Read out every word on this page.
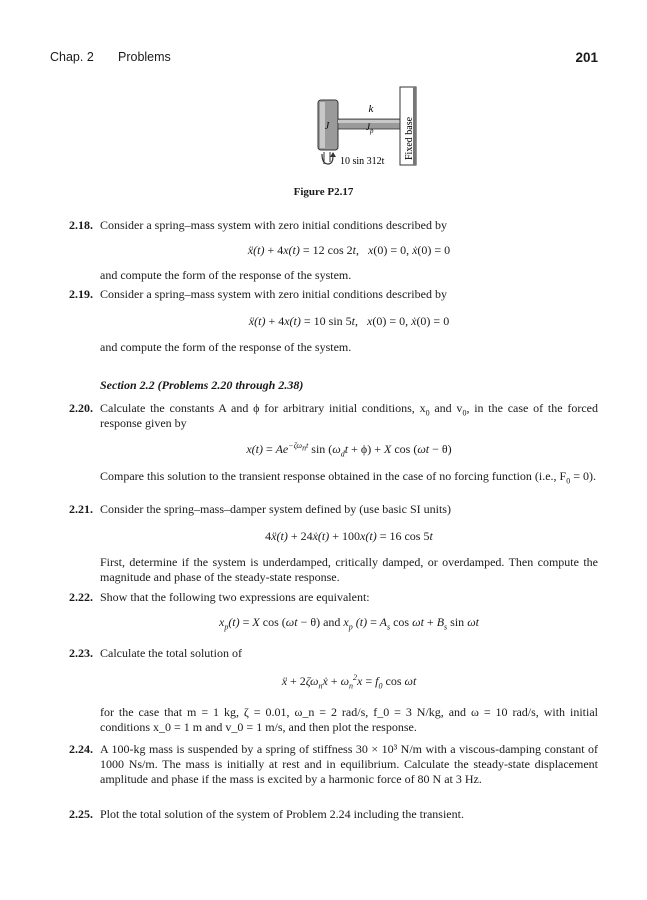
Chap. 2 Problems	201
k
J	$J_p$	Fixed base
10 sin 312t
Figure P2.17
2.18. Consider a spring–mass system with zero initial conditions described by
ẍ(t) + 4x(t) = 12 cos 2t,   x(0) = 0, ẋ(0) = 0
and compute the form of the response of the system.
2.19. Consider a spring–mass system with zero initial conditions described by
ẍ(t) + 4x(t) = 10 sin 5t,   x(0) = 0, ẋ(0) = 0
and compute the form of the response of the system.
Section 2.2 (Problems 2.20 through 2.38)
2.20. Calculate the constants A and ϕ for arbitrary initial conditions, $x_0$ and $v_0$, in the case of the forced response given by
$x(t) = Ae^{-\zeta\omega_nt}$ $\sin (\omega_dt + \phi) + X$ cos (ωt − θ)
Compare this solution to the transient response obtained in the case of no forcing function (i.e., $F_0 = 0$).
2.21. Consider the spring–mass–damper system defined by (use basic SI units)
4ẍ(t) + 24ẋ(t) + 100x(t) = 16 cos 5t
First, determine if the system is underdamped, critically damped, or overdamped. Then compute the magnitude and phase of the steady-state response.
2.22. Show that the following two expressions are equivalent:
$x_p(t) = X$ cos (ωt − θ) and $x_p$ $(t) = A_s$ $\cos \omega t + B_s$ sin ωt
2.23. Calculate the total solution of
ẍ + $2\zeta\omega_nẋ + \omega_n^2x = f_0$ cos ωt
for the case that m = 1 kg, ζ = 0.01, ω_n = 2 rad/s, f_0 = 3 N/kg, and ω = 10 rad/s, with initial conditions x_0 = 1 m and v_0 = 1 m/s, and then plot the response.
2.24. A 100-kg mass is suspended by a spring of stiffness 30 × 10³ N/m with a viscous-damping constant of 1000 Ns/m. The mass is initially at rest and in equilibrium. Calculate the steady-state displacement amplitude and phase if the mass is excited by a harmonic force of 80 N at 3 Hz.
2.25. Plot the total solution of the system of Problem 2.24 including the transient.
